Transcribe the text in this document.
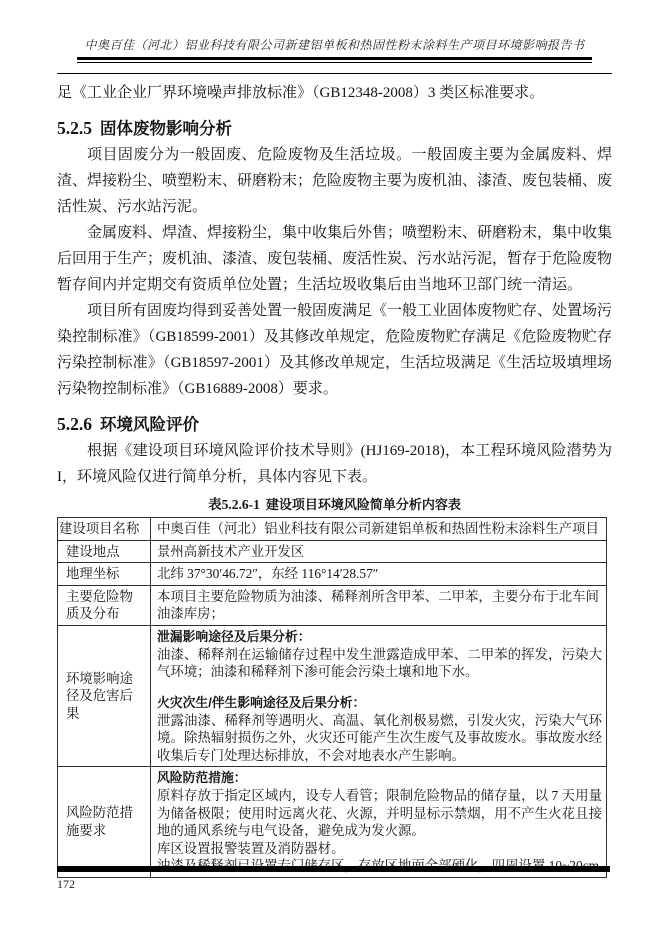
中奥百佳（河北）铝业科技有限公司新建铝单板和热固性粉末涂料生产项目环境影响报告书

足《工业企业厂界环境噪声排放标准》（GB12348-2008）3 类区标准要求。

5.2.5 固体废物影响分析

项目固废分为一般固废、危险废物及生活垃圾。一般固废主要为金属废料、焊渣、焊接粉尘、喷塑粉末、研磨粉末；危险废物主要为废机油、漆渣、废包装桶、废活性炭、污水站污泥。

金属废料、焊渣、焊接粉尘，集中收集后外售；喷塑粉末、研磨粉末，集中收集后回用于生产；废机油、漆渣、废包装桶、废活性炭、污水站污泥，暂存于危险废物暂存间内并定期交有资质单位处置；生活垃圾收集后由当地环卫部门统一清运。

项目所有固废均得到妥善处置一般固废满足《一般工业固体废物贮存、处置场污染控制标准》（GB18599-2001）及其修改单规定，危险废物贮存满足《危险废物贮存污染控制标准》（GB18597-2001）及其修改单规定，生活垃圾满足《生活垃圾填埋场污染物控制标准》（GB16889-2008）要求。

5.2.6 环境风险评价

根据《建设项目环境风险评价技术导则》(HJ169-2018)，本工程环境风险潜势为I，环境风险仅进行简单分析，具体内容见下表。

表5.2.6-1 建设项目环境风险简单分析内容表
建设项目名称	中奥百佳（河北）铝业科技有限公司新建铝单板和热固性粉末涂料生产项目
建设地点	景州高新技术产业开发区
地理坐标	北纬 37°30′46.72″，东经 116°14′28.57″
主要危险物质及分布	本项目主要危险物质为油漆、稀释剂所含甲苯、二甲苯，主要分布于北车间油漆库房；
环境影响途径及危害后果	泄漏影响途径及后果分析：

油漆、稀释剂在运输储存过程中发生泄露造成甲苯、二甲苯的挥发，污染大气环境；油漆和稀释剂下渗可能会污染土壤和地下水。

火灾次生/伴生影响途径及后果分析：

泄露油漆、稀释剂等遇明火、高温、氧化剂极易燃，引发火灾，污染大气环境。除热辐射损伤之外，火灾还可能产生次生废气及事故废水。事故废水经收集后专门处理达标排放，不会对地表水产生影响。

风险防范措施要求	风险防范措施：

原料存放于指定区域内，设专人看管；限制危险物品的储存量，以 7 天用量为储备极限；使用时远离火花、火源，并明显标示禁烟，用不产生火花且接地的通风系统与电气设备，避免成为发火源。

库区设置报警装置及消防器材。

172
